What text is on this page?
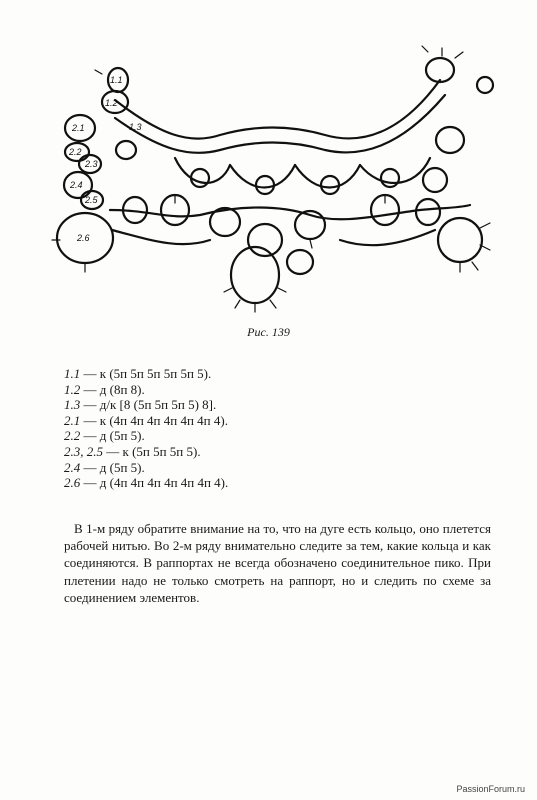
1.1
1.2
1.3
2.1
2.2
2.3
2.4
2.5
2.6
Рис. 139
1.1 — к (5п 5п 5п 5п 5п 5).
1.2 — д (8п 8).
1.3 — д/к [8 (5п 5п 5п 5) 8].
2.1 — к (4п 4п 4п 4п 4п 4п 4).
2.2 — д (5п 5).
2.3, 2.5 — к (5п 5п 5п 5).
2.4 — д (5п 5).
2.6 — д (4п 4п 4п 4п 4п 4п 4).

В 1-м ряду обратите внимание на то, что на дуге есть кольцо, оно плетется рабочей нитью. Во 2-м ряду внимательно следите за тем, какие кольца и как соединяются. В раппортах не всегда обозначено соединительное пико. При плетении надо не только смотреть на раппорт, но и следить по схеме за соединением элементов.

PassionForum.ru
